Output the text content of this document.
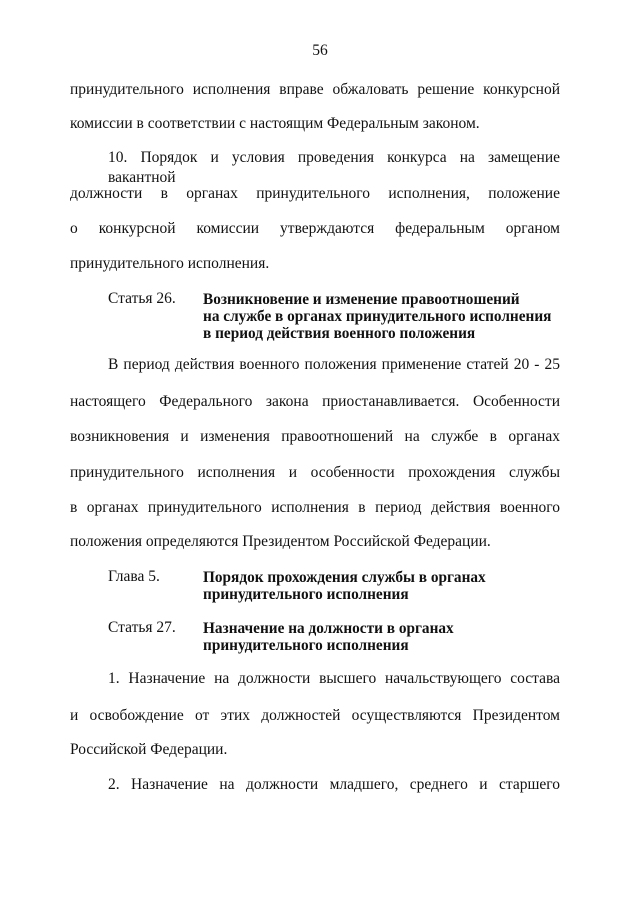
56
принудительного исполнения вправе обжаловать решение конкурсной
комиссии в соответствии с настоящим Федеральным законом.
10. Порядок и условия проведения конкурса на замещение вакантной
должности в органах принудительного исполнения, положение
о конкурсной комиссии утверждаются федеральным органом
принудительного исполнения.
Статья 26. Возникновение и изменение правоотношений
на службе в органах принудительного исполнения
в период действия военного положения
В период действия военного положения применение статей 20 - 25
настоящего Федерального закона приостанавливается. Особенности
возникновения и изменения правоотношений на службе в органах
принудительного исполнения и особенности прохождения службы
в органах принудительного исполнения в период действия военного
положения определяются Президентом Российской Федерации.
Глава 5.	Порядок прохождения службы в органах
принудительного исполнения
Статья 27. Назначение на должности в органах
принудительного исполнения
1. Назначение на должности высшего начальствующего состава
и освобождение от этих должностей осуществляются Президентом
Российской Федерации.
2. Назначение на должности младшего, среднего и старшего
